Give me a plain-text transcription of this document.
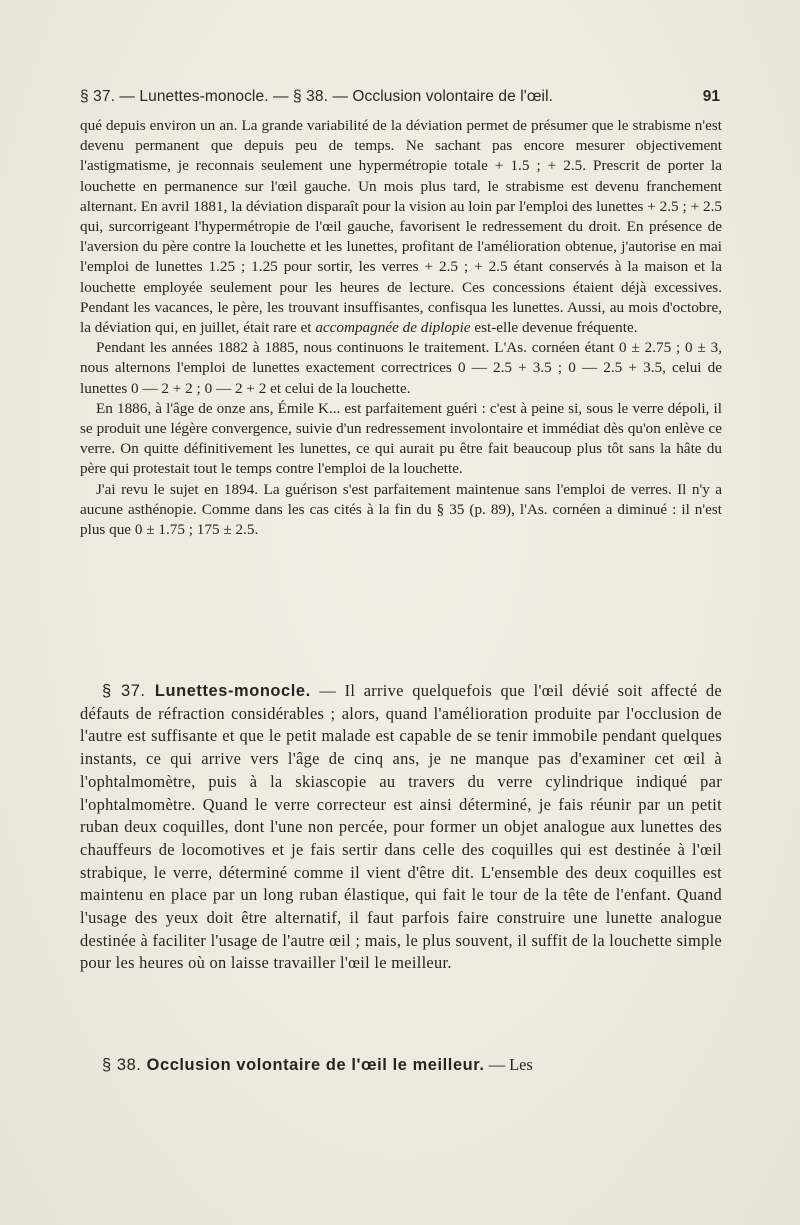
§ 37. — Lunettes-monocle. — § 38. — Occlusion volontaire de l'œil.	91

qué depuis environ un an. La grande variabilité de la déviation permet de présumer que le strabisme n'est devenu permanent que depuis peu de temps. Ne sachant pas encore mesurer objectivement l'astigmatisme, je reconnais seulement une hypermétropie totale + 1.5 ; + 2.5. Prescrit de porter la louchette en permanence sur l'œil gauche. Un mois plus tard, le strabisme est devenu franchement alternant. En avril 1881, la déviation disparaît pour la vision au loin par l'emploi des lunettes + 2.5 ; + 2.5 qui, surcorrigeant l'hypermétropie de l'œil gauche, favorisent le redressement du droit. En présence de l'aversion du père contre la louchette et les lunettes, profitant de l'amélioration obtenue, j'autorise en mai l'emploi de lunettes 1.25 ; 1.25 pour sortir, les verres + 2.5 ; + 2.5 étant conservés à la maison et la louchette employée seulement pour les heures de lecture. Ces concessions étaient déjà excessives. Pendant les vacances, le père, les trouvant insuffisantes, confisqua les lunettes. Aussi, au mois d'octobre, la déviation qui, en juillet, était rare et accompagnée de diplopie est-elle devenue fréquente.

Pendant les années 1882 à 1885, nous continuons le traitement. L'As. cornéen étant 0 ± 2.75 ; 0 ± 3, nous alternons l'emploi de lunettes exactement correctrices 0 — 2.5 + 3.5 ; 0 — 2.5 + 3.5, celui de lunettes 0 — 2 + 2 ; 0 — 2 + 2 et celui de la louchette.

En 1886, à l'âge de onze ans, Émile K... est parfaitement guéri : c'est à peine si, sous le verre dépoli, il se produit une légère convergence, suivie d'un redressement involontaire et immédiat dès qu'on enlève ce verre. On quitte définitivement les lunettes, ce qui aurait pu être fait beaucoup plus tôt sans la hâte du père qui protestait tout le temps contre l'emploi de la louchette.

J'ai revu le sujet en 1894. La guérison s'est parfaitement maintenue sans l'emploi de verres. Il n'y a aucune asthénopie. Comme dans les cas cités à la fin du § 35 (p. 89), l'As. cornéen a diminué : il n'est plus que 0 ± 1.75 ; 175 ± 2.5.

§ 37. Lunettes-monocle. — Il arrive quelquefois que l'œil dévié soit affecté de défauts de réfraction considérables ; alors, quand l'amélioration produite par l'occlusion de l'autre est suffisante et que le petit malade est capable de se tenir immobile pendant quelques instants, ce qui arrive vers l'âge de cinq ans, je ne manque pas d'examiner cet œil à l'ophtalmomètre, puis à la skiascopie au travers du verre cylindrique indiqué par l'ophtalmomètre. Quand le verre correcteur est ainsi déterminé, je fais réunir par un petit ruban deux coquilles, dont l'une non percée, pour former un objet analogue aux lunettes des chauffeurs de locomotives et je fais sertir dans celle des coquilles qui est destinée à l'œil strabique, le verre, déterminé comme il vient d'être dit. L'ensemble des deux coquilles est maintenu en place par un long ruban élastique, qui fait le tour de la tête de l'enfant. Quand l'usage des yeux doit être alternatif, il faut parfois faire construire une lunette analogue destinée à faciliter l'usage de l'autre œil ; mais, le plus souvent, il suffit de la louchette simple pour les heures où on laisse travailler l'œil le meilleur.

§ 38. Occlusion volontaire de l'œil le meilleur. — Les
